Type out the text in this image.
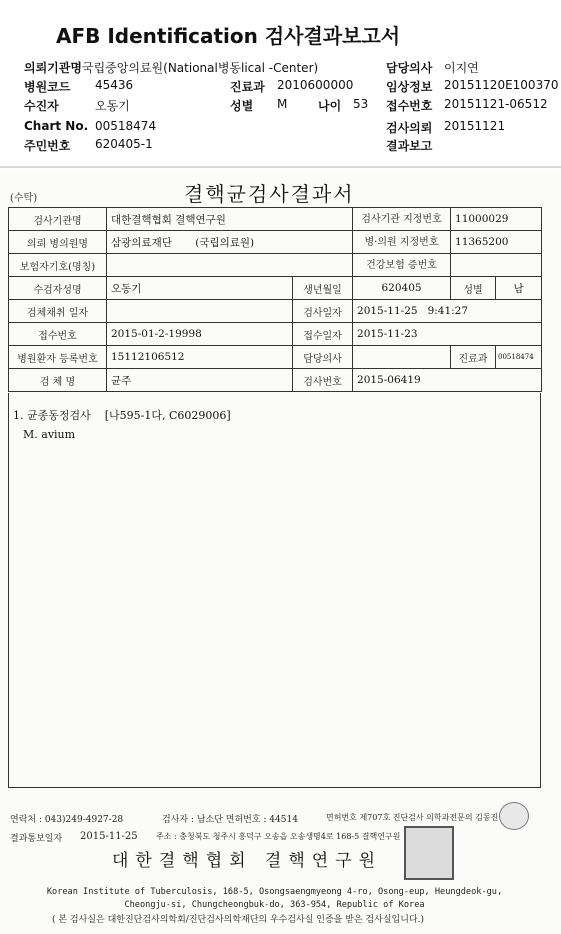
AFB Identification 검사결과보고서
의뢰기관명 국립중앙의료원(National병동lical -Center)	담당의사 이지연
병원코드 45436	진료과 2010600000	임상정보 20151120E100370
수진자	오동기	성별 M	나이 53 접수번호 20151121-06512
Chart No. 00518474	검사의뢰 20151121
주민번호 620405-1	결과보고
(수탁)	결핵균검사결과서
검사기관명	대한결핵협회 결핵연구원		검사기관 지정번호	11000029	
의뢰 병의원명	삼광의료재단 (국립의료원)		병·의원 지정번호	11365200	
보험자기호(명칭)			건강보험 증번호		
수검자성명	오동기	생년월일	620405	성별	남
검체채취 일자		검사일자	2015-11-25   9:41:27		
접수번호	2015-01-2-19998	접수일자	2015-11-23		
병원환자 등록번호	15112106512	담당의사		진료과	00518474
검 체 명	균주	검사번호	2015-06419		
1. 균종동정검사    [나595-1다, C6029006]
M. avium
연락처 : 043)249-4927-28	검사자 : 남소단 면허번호 : 44514	면허번호 제707호 진단검사 의학과전문의 김동진
결과통보일자 2015-11-25 주소 : 충청북도 청주시 흥덕구 오송읍 오송생명4로 168-5 결핵연구원
대한결핵협회 결핵연구원
Korean Institute of Tuberculosis, 168-5, Osongsaengmyeong 4-ro, Osong-eup, Heungdeok-gu,
Cheongju-si, Chungcheongbuk-do, 363-954, Republic of Korea
( 본 검사실은 대한진단검사의학회/진단검사의학재단의 우수검사실 인증을 받은 검사실입니다.)
